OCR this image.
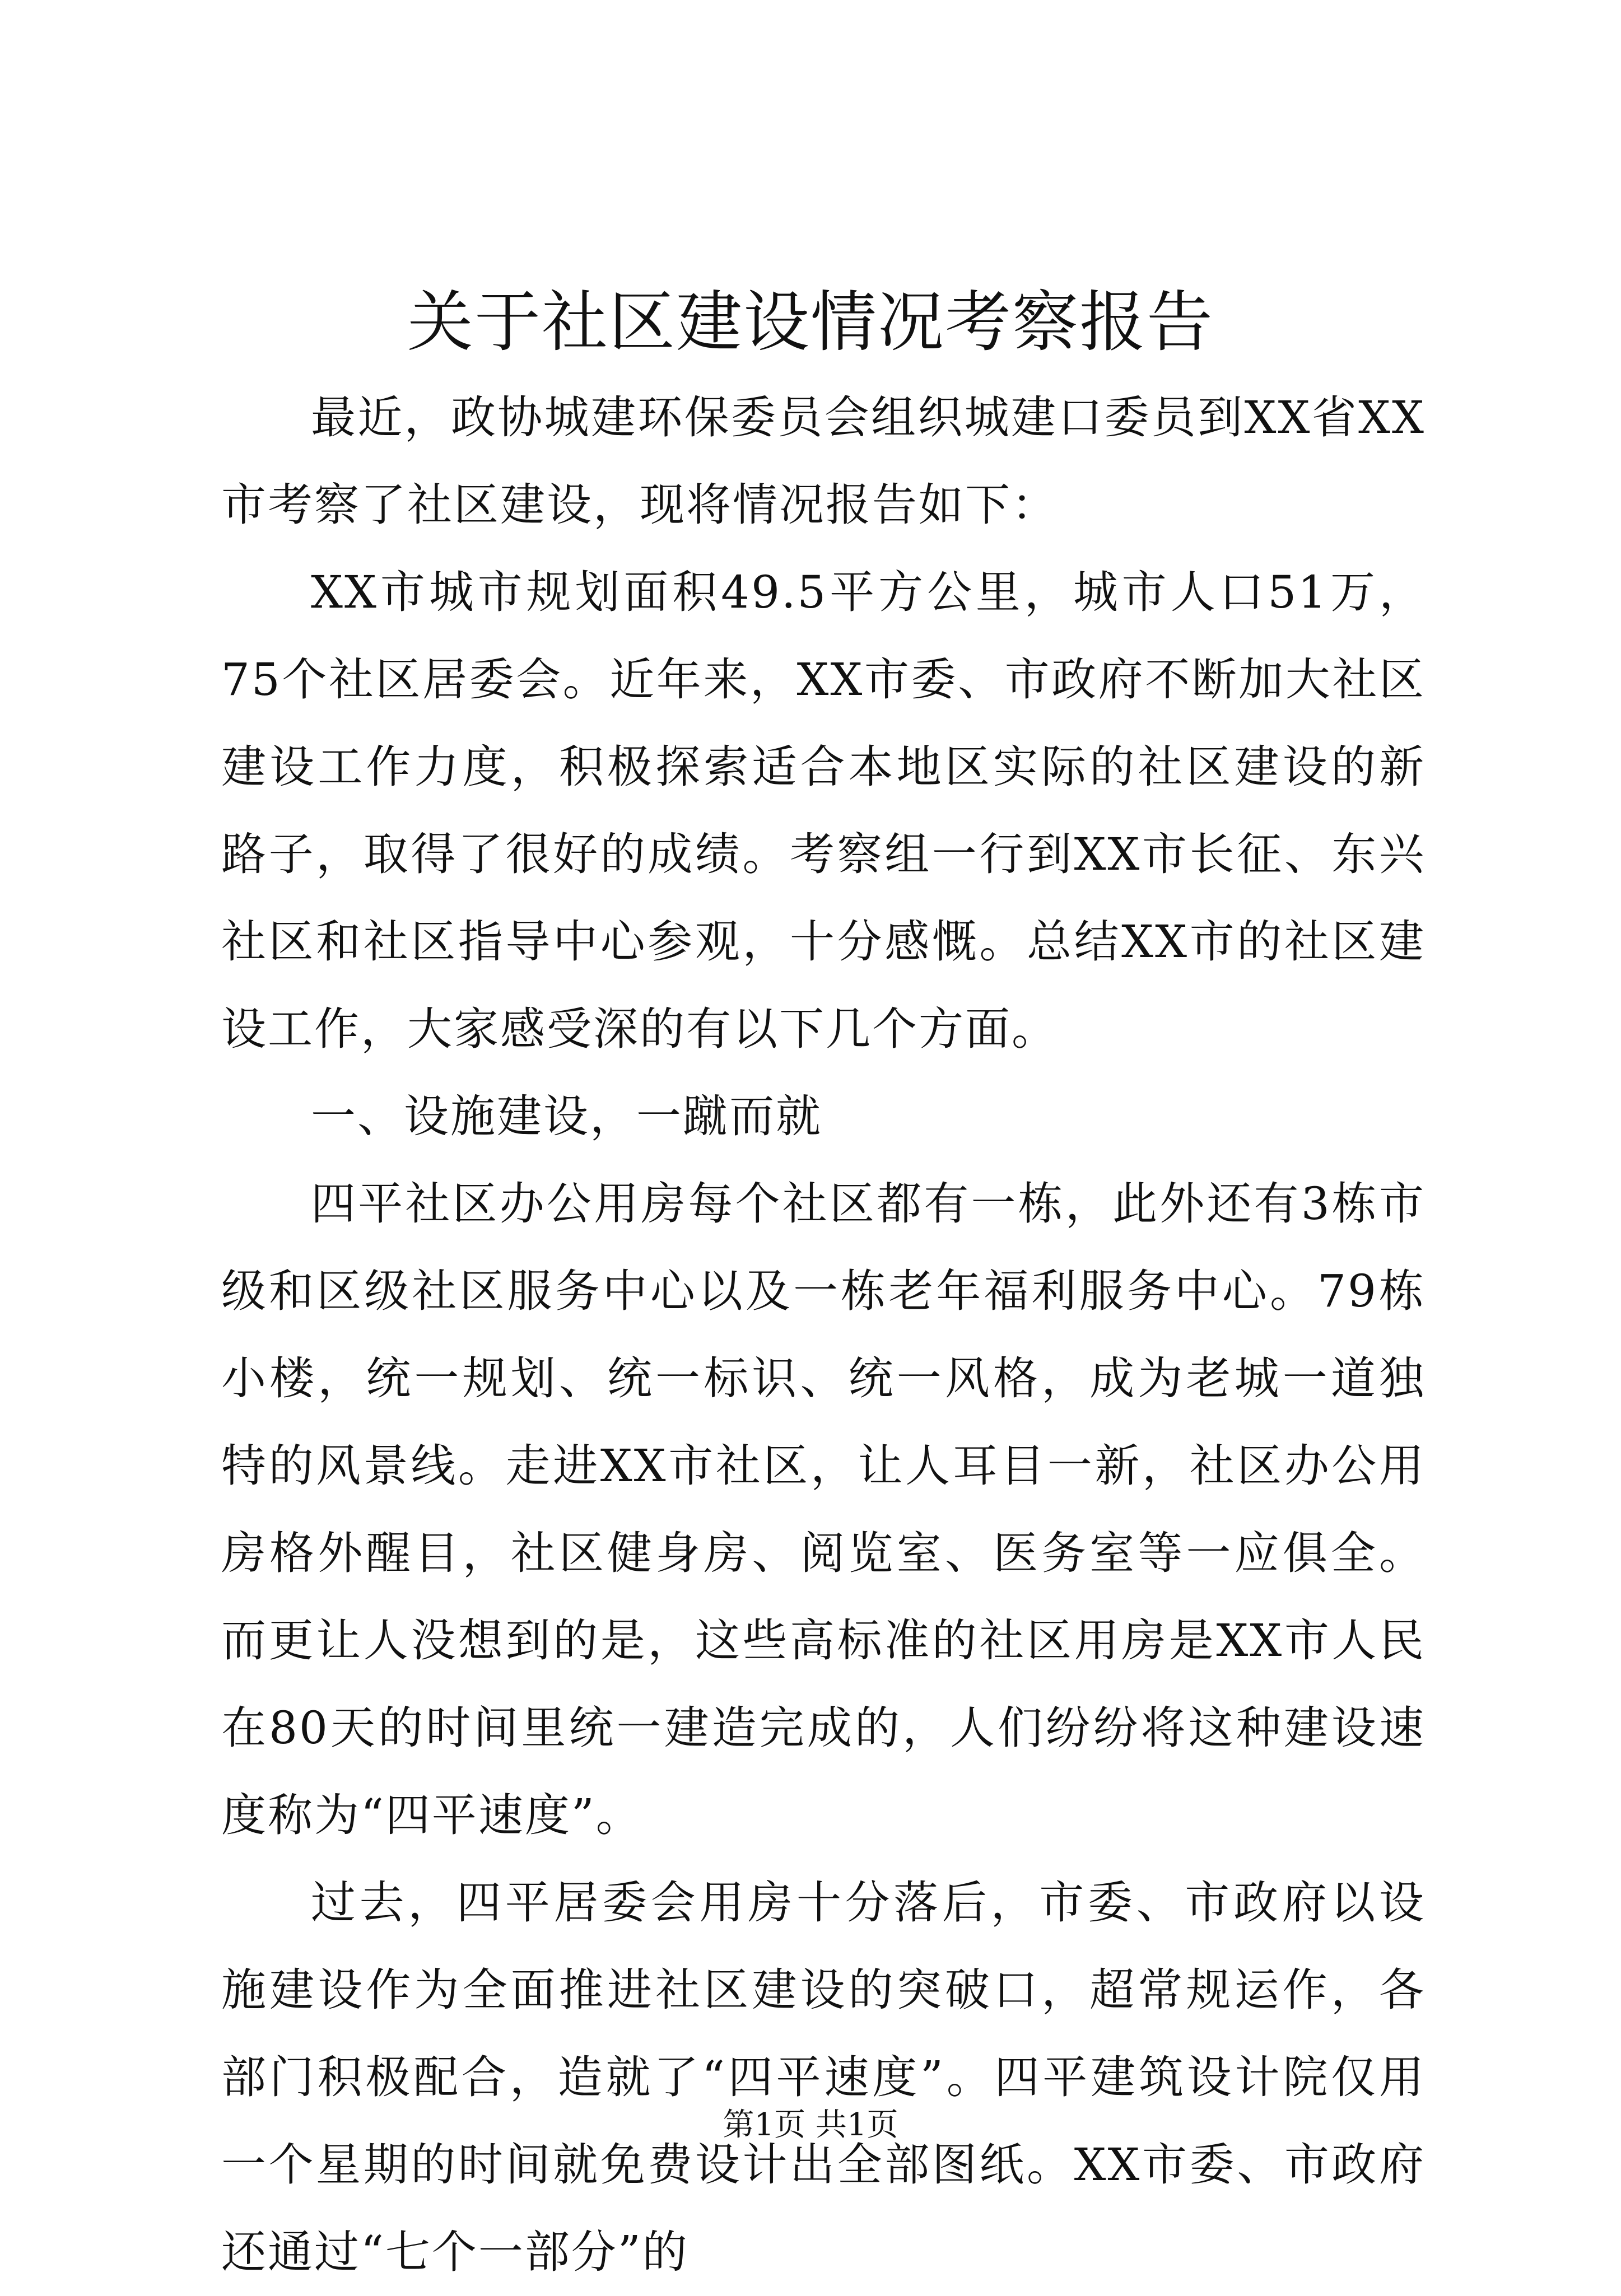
关于社区建设情况考察报告

最近，政协城建环保委员会组织城建口委员到XX省XX市考察了社区建设，现将情况报告如下：

XX市城市规划面积49.5平方公里，城市人口51万，75个社区居委会。近年来，XX市委、市政府不断加大社区建设工作力度，积极探索适合本地区实际的社区建设的新路子，取得了很好的成绩。考察组一行到XX市长征、东兴社区和社区指导中心参观，十分感慨。总结XX市的社区建设工作，大家感受深的有以下几个方面。

一、设施建设，一蹴而就

四平社区办公用房每个社区都有一栋，此外还有3栋市级和区级社区服务中心以及一栋老年福利服务中心。79栋小楼，统一规划、统一标识、统一风格，成为老城一道独特的风景线。走进XX市社区，让人耳目一新，社区办公用房格外醒目，社区健身房、阅览室、医务室等一应俱全。而更让人没想到的是，这些高标准的社区用房是XX市人民在80天的时间里统一建造完成的，人们纷纷将这种建设速度称为“四平速度”。

过去，四平居委会用房十分落后，市委、市政府以设施建设作为全面推进社区建设的突破口，超常规运作，各部门积极配合，造就了“四平速度”。四平建筑设计院仅用一个星期的时间就免费设计出全部图纸。XX市委、市政府还通过“七个一部分”的

第1页 共1页
